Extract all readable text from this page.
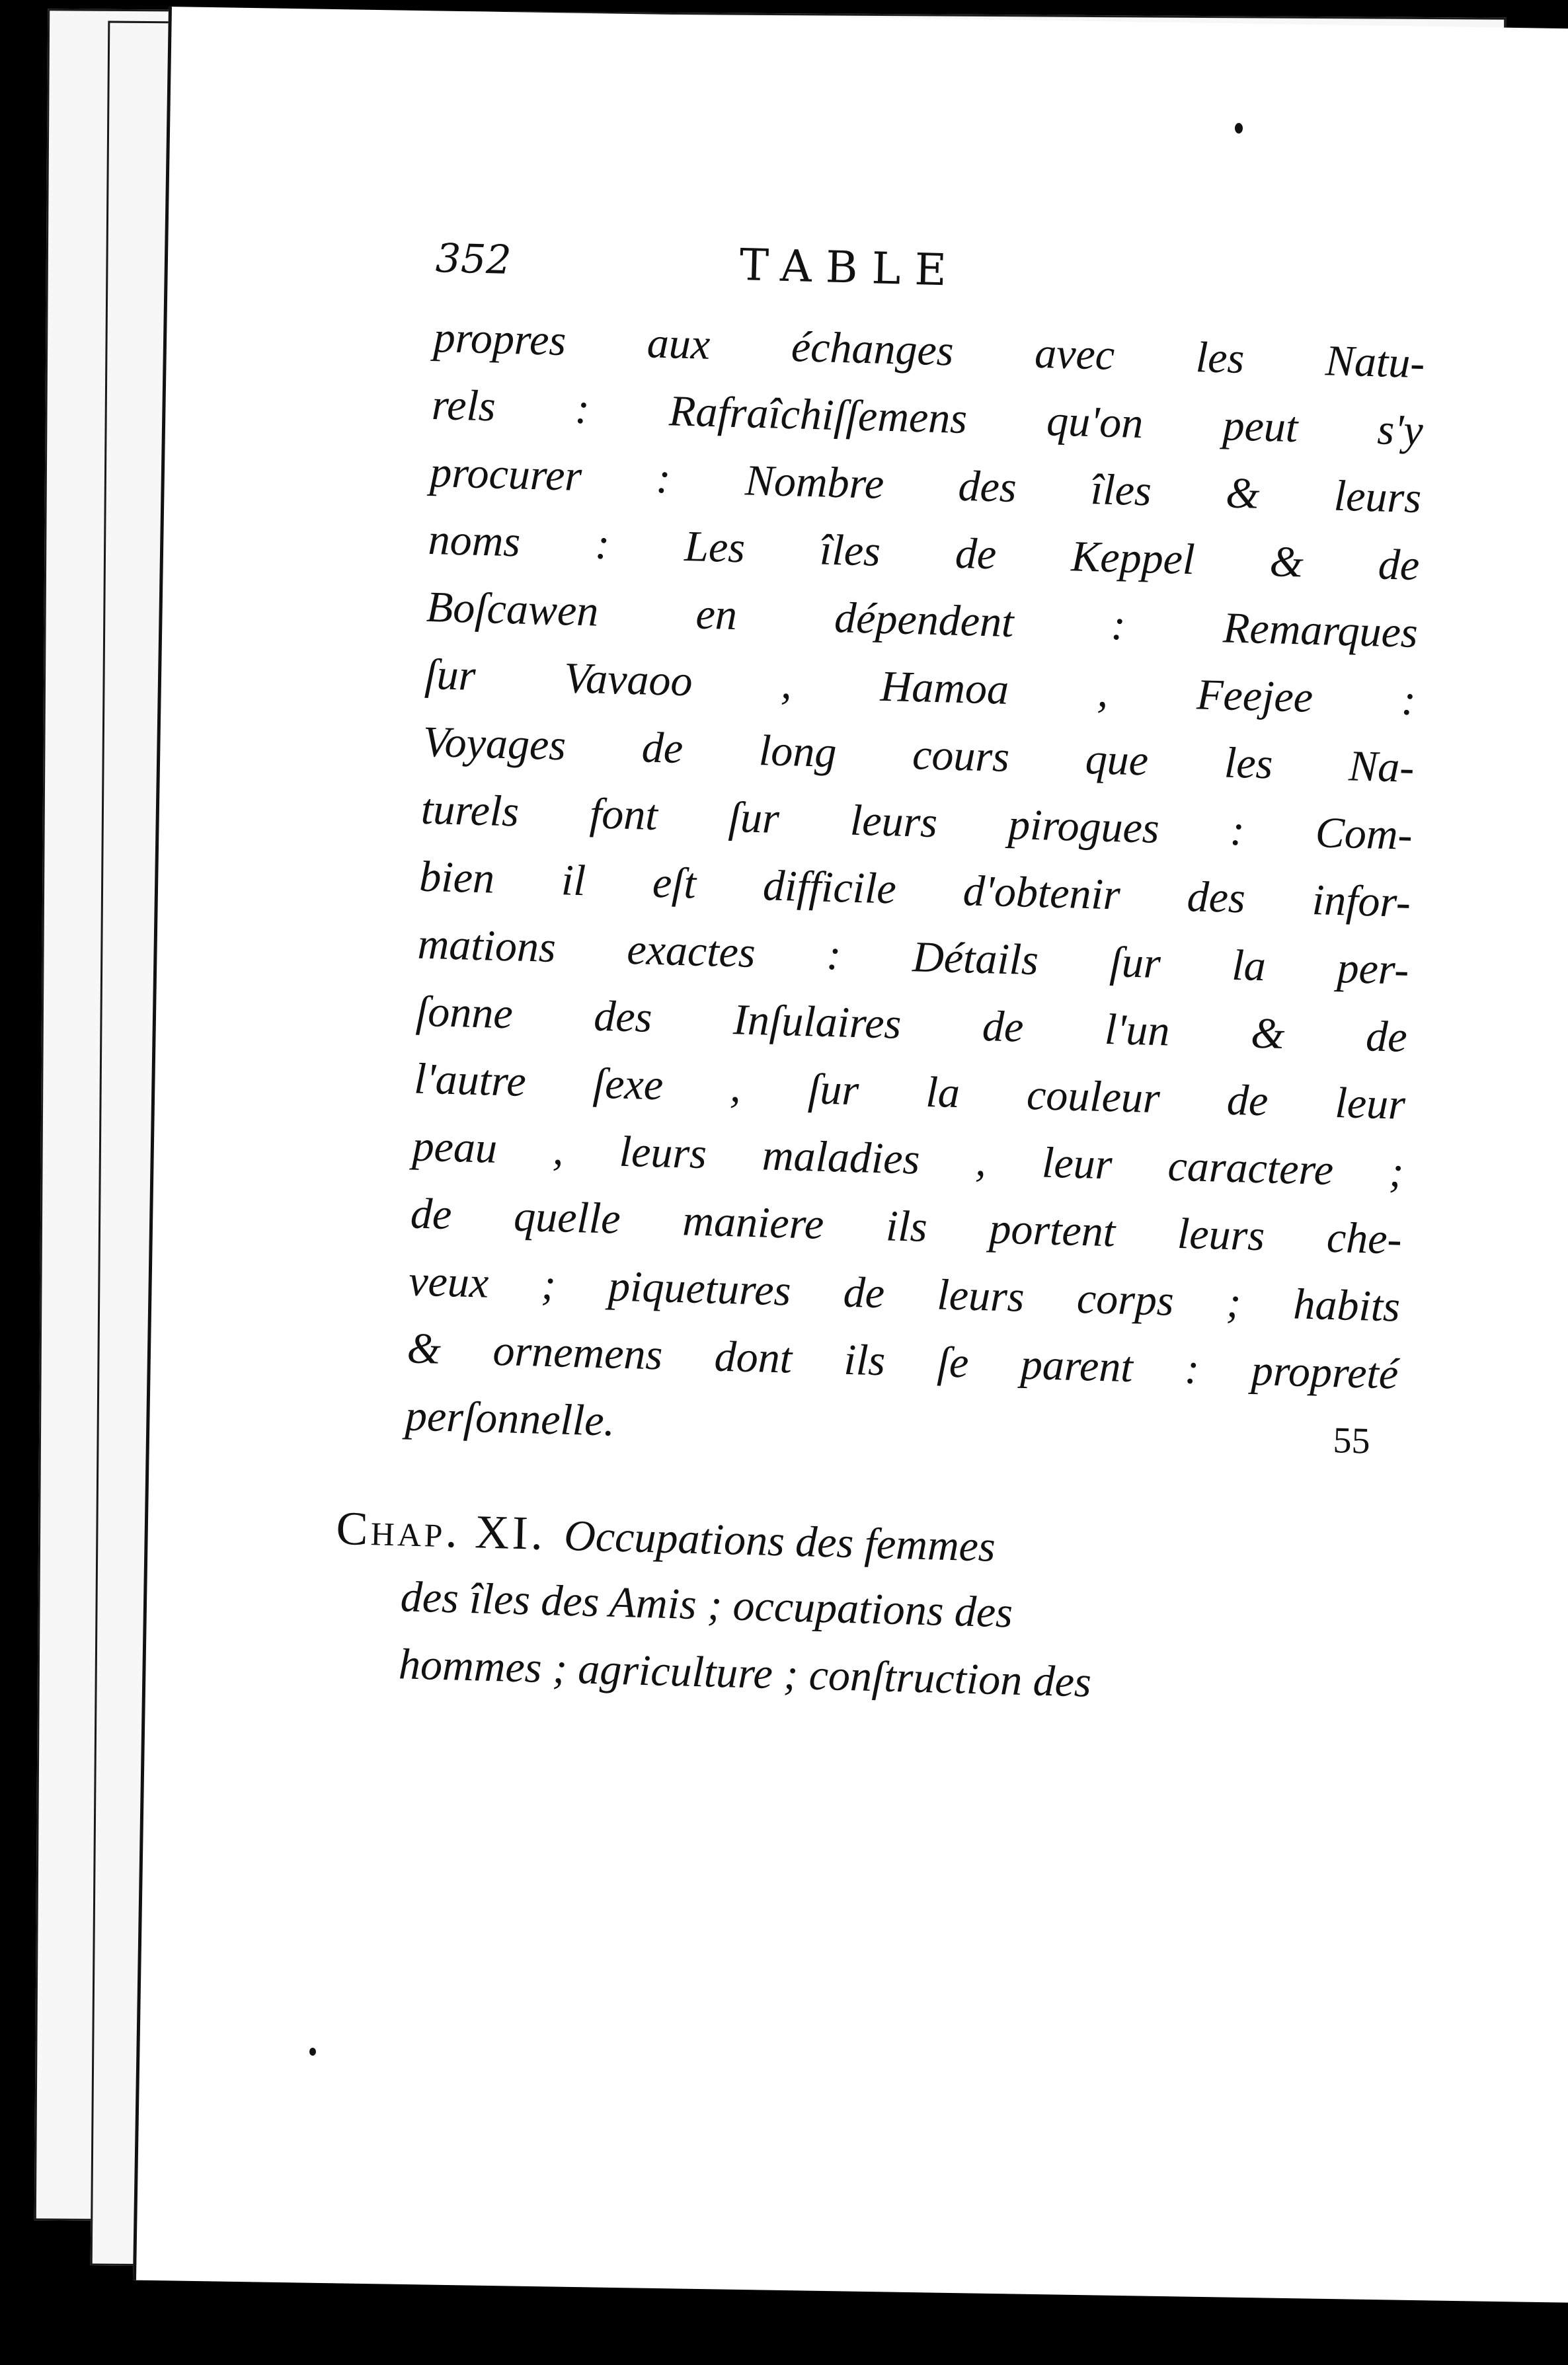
352	TABLE
propres aux échanges avec les Natu-
rels : Rafraîchiſſemens qu'on peut s'y
procurer : Nombre des îles & leurs
noms : Les îles de Keppel & de
Boſcawen en dépendent : Remarques
ſur Vavaoo , Hamoa , Feejee :
Voyages de long cours que les Na-
turels font ſur leurs pirogues : Com-
bien il eſt difficile d'obtenir des infor-
mations exactes : Détails ſur la per-
ſonne des Inſulaires de l'un & de
l'autre ſexe , ſur la couleur de leur
peau , leurs maladies , leur caractere ;
de quelle maniere ils portent leurs che-
veux ; piquetures de leurs corps ; habits
& ornemens dont ils ſe parent : propreté
perſonnelle.	55
Chap. XI. Occupations des femmes
des îles des Amis ; occupations des
hommes ; agriculture ; conſtruction des
